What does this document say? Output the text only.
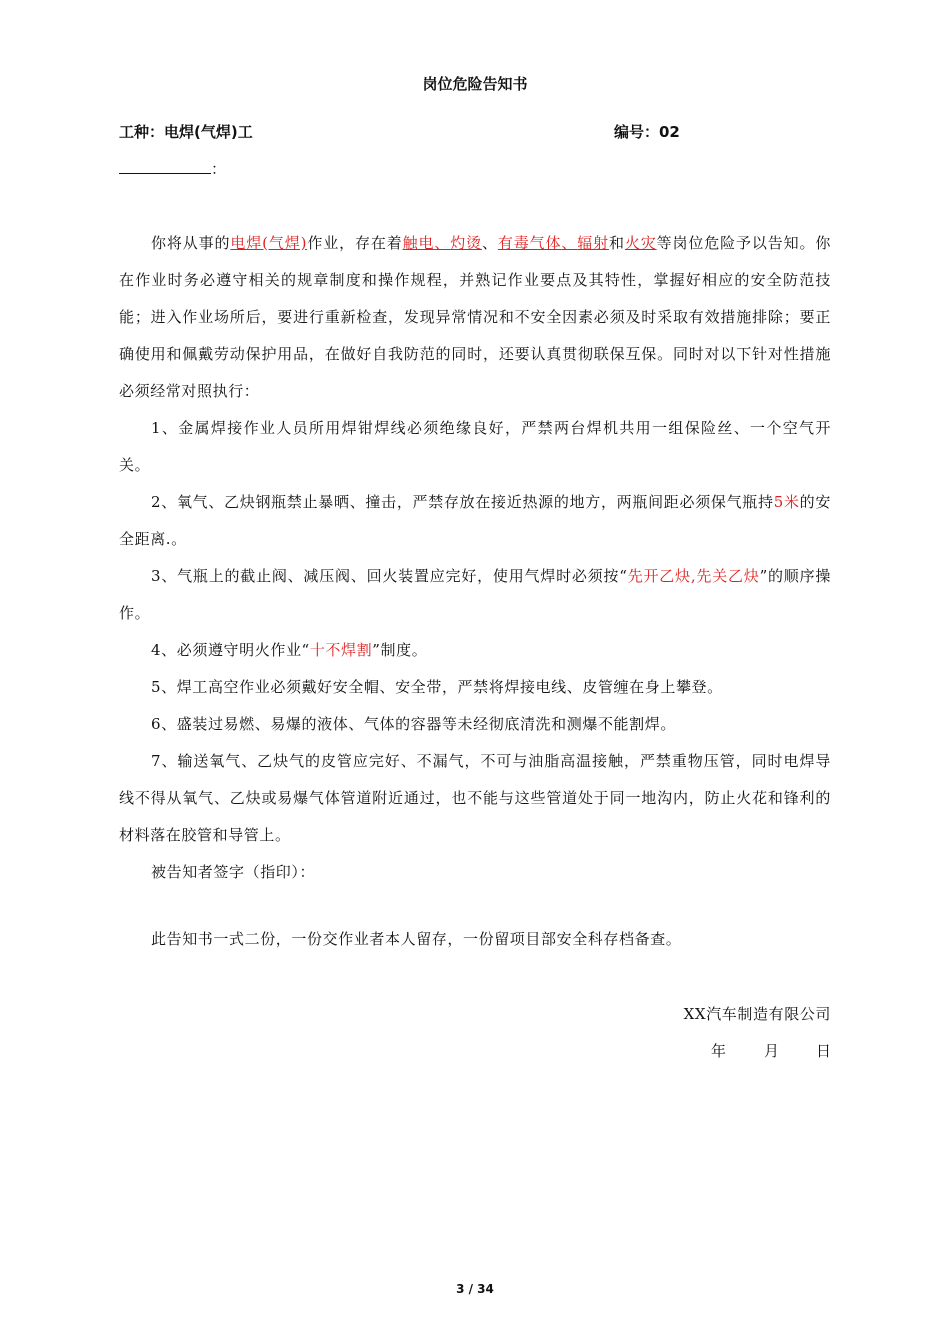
岗位危险告知书
工种：电焊(气焊)工	编号：02
：

你将从事的电焊(气焊)作业，存在着触电、灼烫、有毒气体、辐射和火灾等岗位危险予以告知。你在作业时务必遵守相关的规章制度和操作规程，并熟记作业要点及其特性，掌握好相应的安全防范技能；进入作业场所后，要进行重新检查，发现异常情况和不安全因素必须及时采取有效措施排除；要正确使用和佩戴劳动保护用品，在做好自我防范的同时，还要认真贯彻联保互保。同时对以下针对性措施必须经常对照执行：

1、金属焊接作业人员所用焊钳焊线必须绝缘良好，严禁两台焊机共用一组保险丝、一个空气开关。

2、氧气、乙炔钢瓶禁止暴晒、撞击，严禁存放在接近热源的地方，两瓶间距必须保气瓶持5米的安全距离.。

3、气瓶上的截止阀、减压阀、回火装置应完好，使用气焊时必须按“先开乙炔,先关乙炔”的顺序操作。

4、必须遵守明火作业“十不焊割”制度。

5、焊工高空作业必须戴好安全帽、安全带，严禁将焊接电线、皮管缠在身上攀登。

6、盛装过易燃、易爆的液体、气体的容器等未经彻底清洗和测爆不能割焊。

7、输送氧气、乙炔气的皮管应完好、不漏气，不可与油脂高温接触，严禁重物压管，同时电焊导线不得从氧气、乙炔或易爆气体管道附近通过，也不能与这些管道处于同一地沟内，防止火花和锋利的材料落在胶管和导管上。

被告知者签字（指印）：

此告知书一式二份，一份交作业者本人留存，一份留项目部安全科存档备查。
XX汽车制造有限公司
年	月 日
3 / 34
